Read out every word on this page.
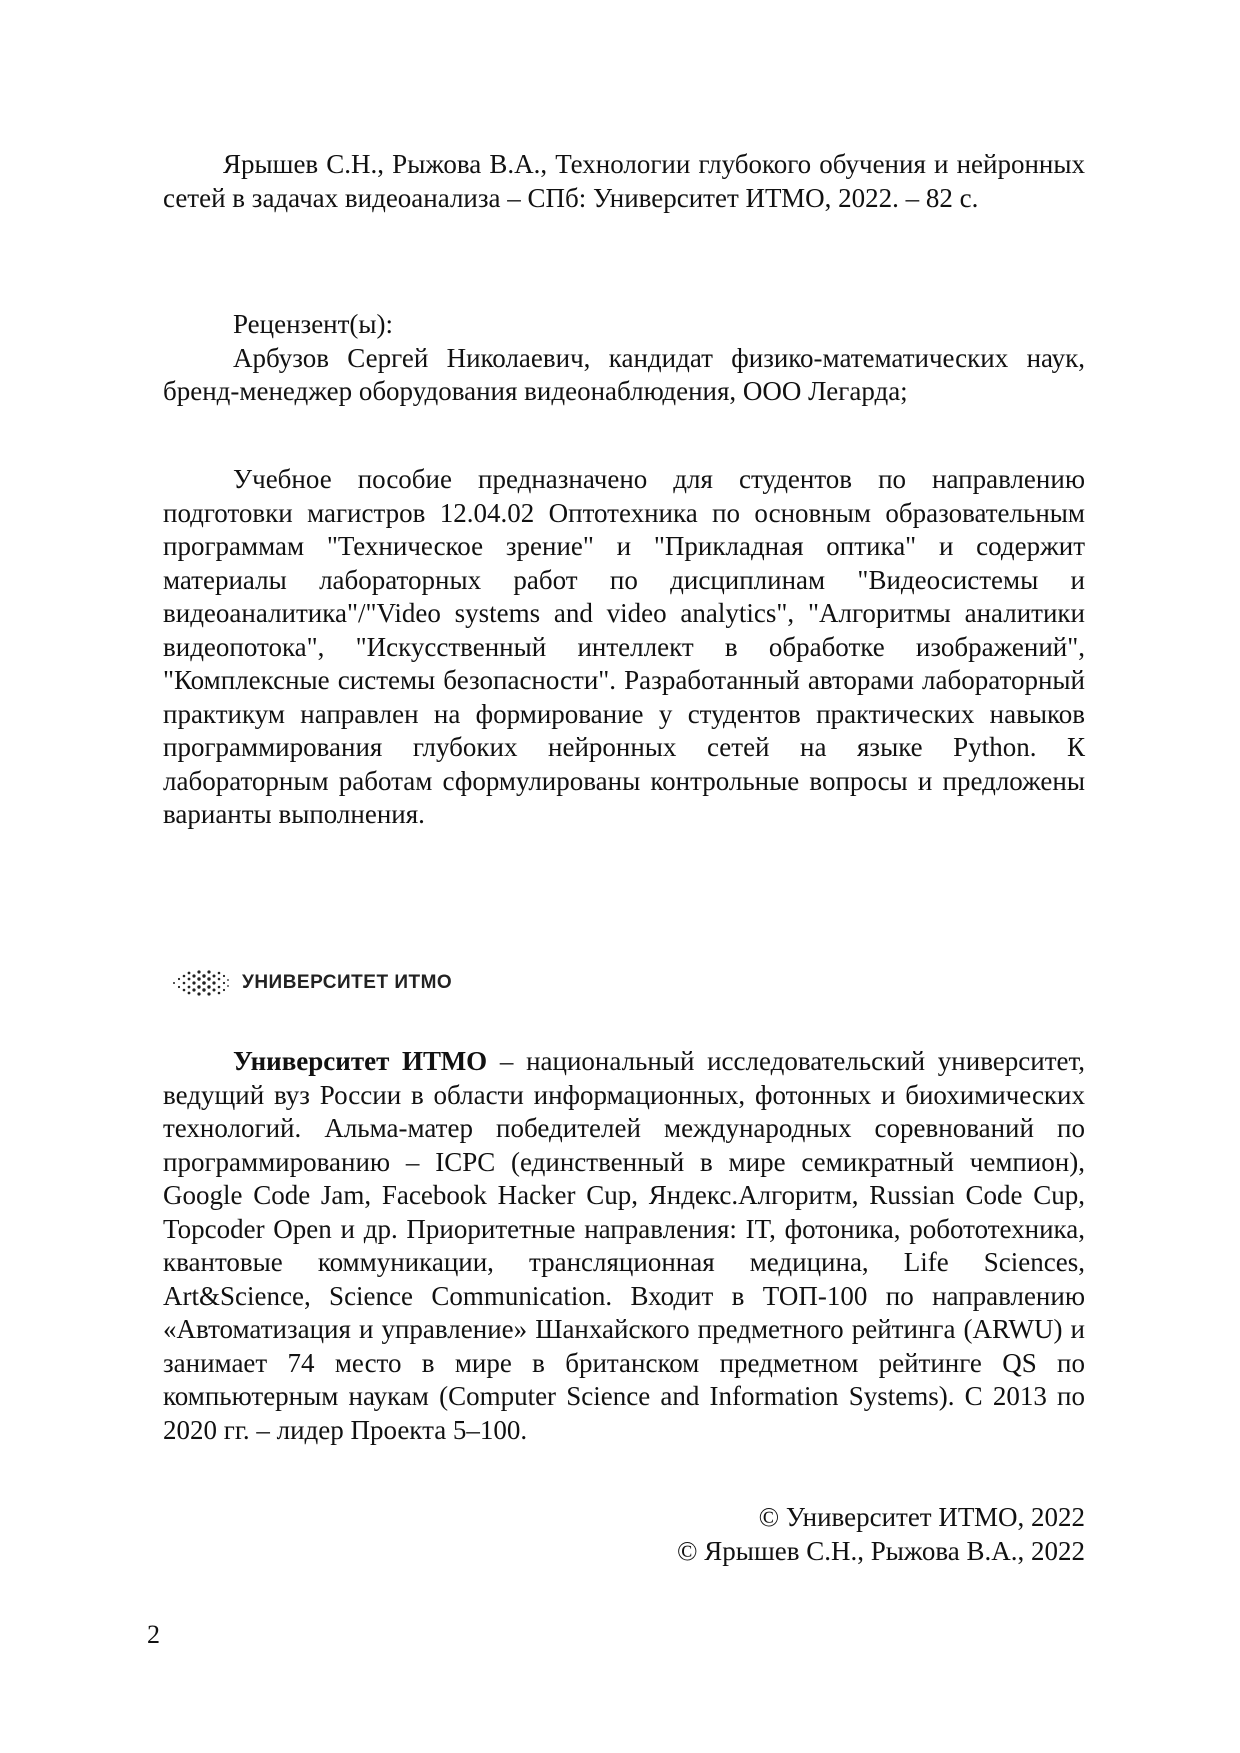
Ярышев С.Н., Рыжова В.А., Технологии глубокого обучения и нейронных сетей в задачах видеоанализа – СПб: Университет ИТМО, 2022. – 82 с.

Рецензент(ы):

Арбузов Сергей Николаевич, кандидат физико-математических наук, бренд-менеджер оборудования видеонаблюдения, ООО Легарда;

Учебное пособие предназначено для студентов по направлению подготовки магистров 12.04.02 Оптотехника по основным образовательным программам "Техническое зрение" и "Прикладная оптика" и содержит материалы лабораторных работ по дисциплинам "Видеосистемы и видеоаналитика"/"Video systems and video analytics", "Алгоритмы аналитики видеопотока", "Искусственный интеллект в обработке изображений", "Комплексные системы безопасности". Разработанный авторами лабораторный практикум направлен на формирование у студентов практических навыков программирования глубоких нейронных сетей на языке Python. К лабораторным работам сформулированы контрольные вопросы и предложены варианты выполнения.

УНИВЕРСИТЕТ ИТМО

Университет ИТМО – национальный исследовательский университет, ведущий вуз России в области информационных, фотонных и биохимических технологий. Альма-матер победителей международных соревнований по программированию – ICPC (единственный в мире семикратный чемпион), Google Code Jam, Facebook Hacker Cup, Яндекс.Алгоритм, Russian Code Cup, Topcoder Open и др. Приоритетные направления: IT, фотоника, робототехника, квантовые коммуникации, трансляционная медицина, Life Sciences, Art&Science, Science Communication. Входит в ТОП-100 по направлению «Автоматизация и управление» Шанхайского предметного рейтинга (ARWU) и занимает 74 место в мире в британском предметном рейтинге QS по компьютерным наукам (Computer Science and Information Systems). С 2013 по 2020 гг. – лидер Проекта 5–100.

© Университет ИТМО, 2022
© Ярышев С.Н., Рыжова В.А., 2022
2
